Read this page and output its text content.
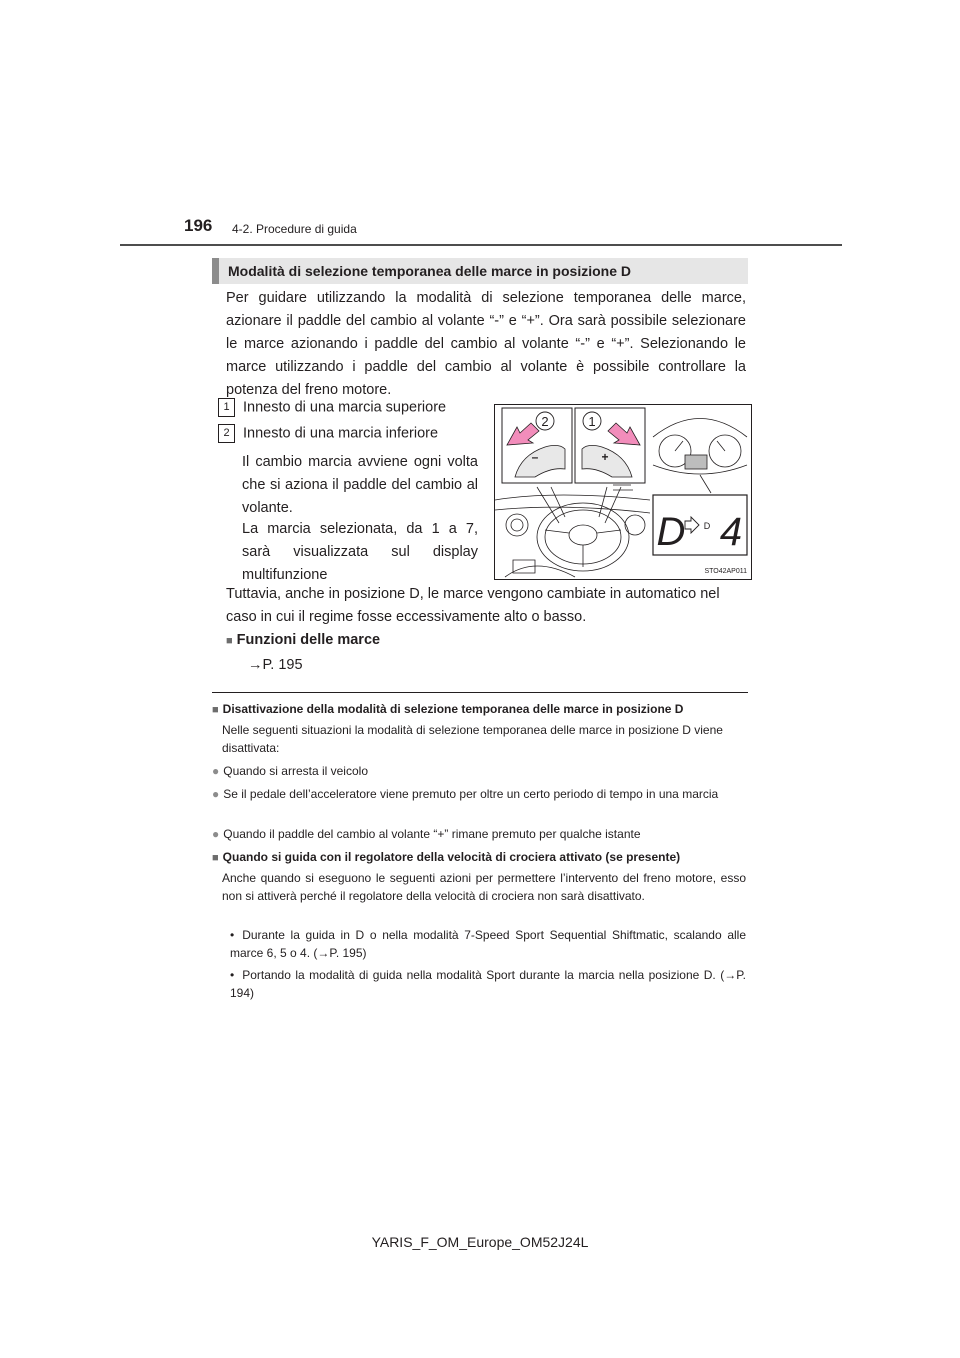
196 4-2. Procedure di guida
Modalità di selezione temporanea delle marce in posizione D
Per guidare utilizzando la modalità di selezione temporanea delle marce, azionare il paddle del cambio al volante “-” e “+”. Ora sarà possibile selezionare le marce azionando i paddle del cambio al volante “-” e “+”. Selezionando le marce utilizzando i paddle del cambio al volante è possibile controllare la potenza del freno motore.
1 Innesto di una marcia superiore
2 Innesto di una marcia inferiore
Il cambio marcia avviene ogni volta che si aziona il paddle del cambio al volante.
La marcia selezionata, da 1 a 7, sarà visualizzata sul display multifunzione
2
–
1
+
D D 4
STO42AP011
Tuttavia, anche in posizione D, le marce vengono cambiate in automatico nel caso in cui il regime fosse eccessivamente alto o basso.
■ Funzioni delle marce
→P. 195
■ Disattivazione della modalità di selezione temporanea delle marce in posizione D
Nelle seguenti situazioni la modalità di selezione temporanea delle marce in posizione D viene disattivata:
● Quando si arresta il veicolo
● Se il pedale dell’acceleratore viene premuto per oltre un certo periodo di tempo in una marcia
● Quando il paddle del cambio al volante “+” rimane premuto per qualche istante
■ Quando si guida con il regolatore della velocità di crociera attivato (se presente)
Anche quando si eseguono le seguenti azioni per permettere l’intervento del freno motore, esso non si attiverà perché il regolatore della velocità di crociera non sarà disattivato.
• Durante la guida in D o nella modalità 7-Speed Sport Sequential Shiftmatic, scalando alle marce 6, 5 o 4. (→P. 195)
• Portando la modalità di guida nella modalità Sport durante la marcia nella posizione D. (→P. 194)
YARIS_F_OM_Europe_OM52J24L
